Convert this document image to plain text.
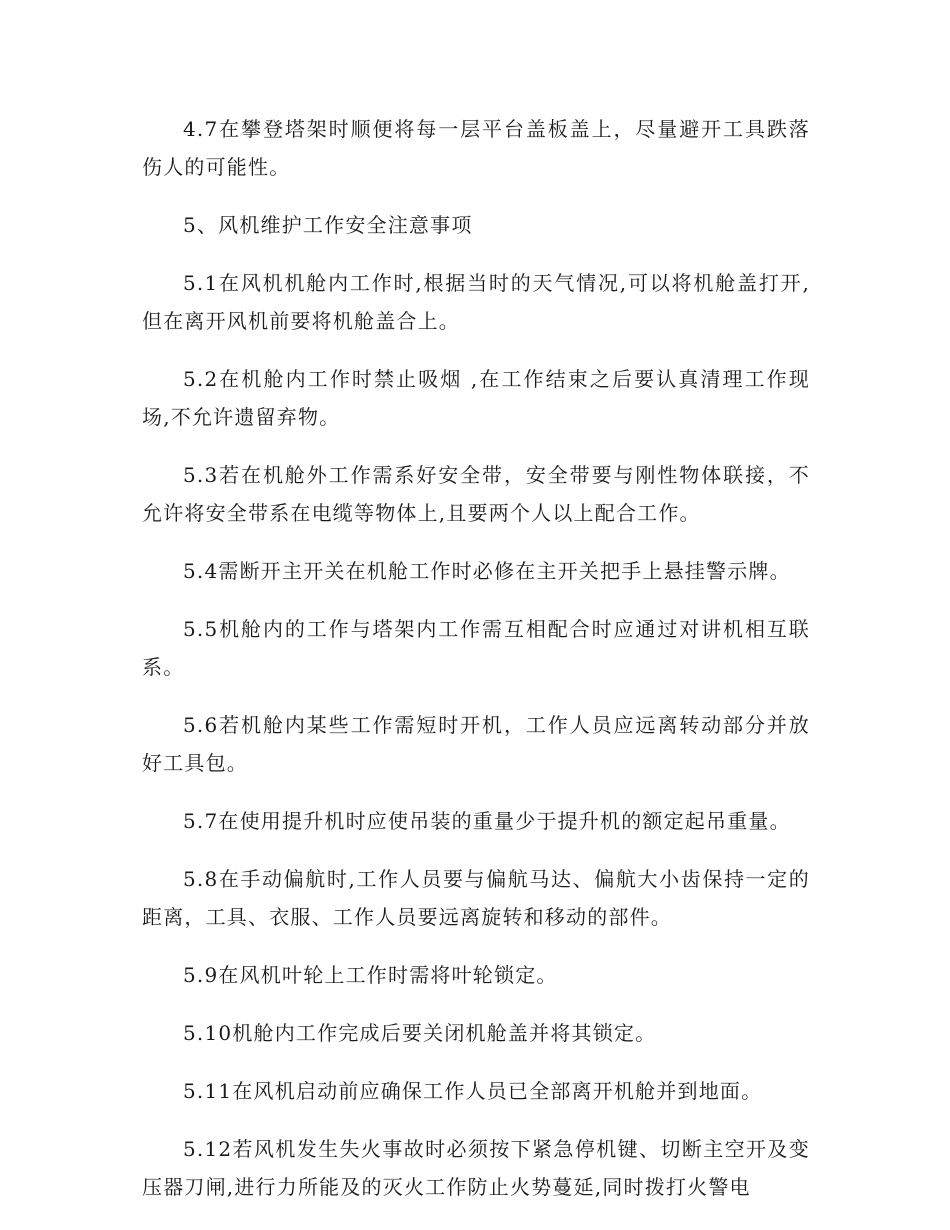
4.7在攀登塔架时顺便将每一层平台盖板盖上，尽量避开工具跌落伤人的可能性。

5、风机维护工作安全注意事项

5.1在风机机舱内工作时,根据当时的天气情况,可以将机舱盖打开,但在离开风机前要将机舱盖合上。

5.2在机舱内工作时禁止吸烟 ,在工作结束之后要认真清理工作现场,不允许遗留弃物。

5.3若在机舱外工作需系好安全带，安全带要与刚性物体联接，不允许将安全带系在电缆等物体上,且要两个人以上配合工作。

5.4需断开主开关在机舱工作时必修在主开关把手上悬挂警示牌。

5.5机舱内的工作与塔架内工作需互相配合时应通过对讲机相互联系。

5.6若机舱内某些工作需短时开机，工作人员应远离转动部分并放好工具包。

5.7在使用提升机时应使吊装的重量少于提升机的额定起吊重量。

5.8在手动偏航时,工作人员要与偏航马达、偏航大小齿保持一定的距离，工具、衣服、工作人员要远离旋转和移动的部件。

5.9在风机叶轮上工作时需将叶轮锁定。

5.10机舱内工作完成后要关闭机舱盖并将其锁定。

5.11在风机启动前应确保工作人员已全部离开机舱并到地面。

5.12若风机发生失火事故时必须按下紧急停机键、切断主空开及变压器刀闸,进行力所能及的灭火工作防止火势蔓延,同时拨打火警电
